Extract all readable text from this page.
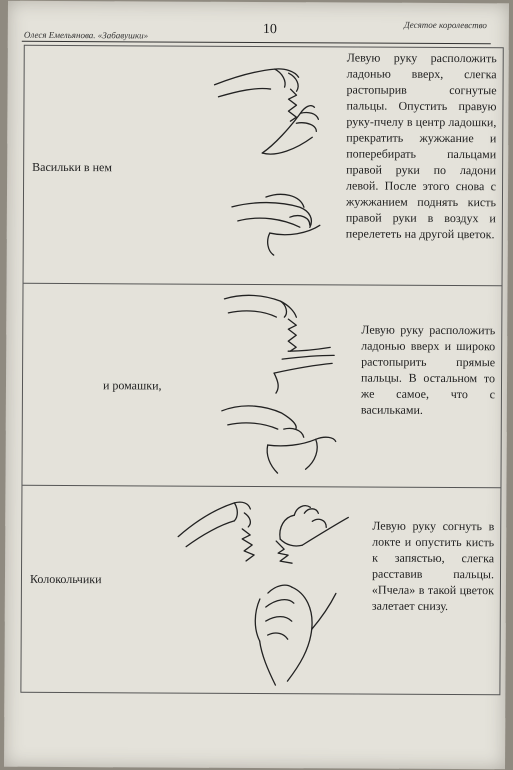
Олеся Емельянова. «Забавушки»	10	Десятое королевство
Васильки в нем
Левую руку расположить ладонью вверх, слегка растопырив согнутые пальцы. Опустить правую руку-пчелу в центр ладошки, прекратить жужжание и поперебирать пальцами правой руки по ладони левой. После этого снова с жужжанием поднять кисть правой руки в воздух и перелететь на другой цветок.
и ромашки,
Левую руку расположить ладонью вверх и широко растопырить прямые пальцы. В остальном то же самое, что с васильками.
Колокольчики
Левую руку согнуть в локте и опустить кисть к запястью, слегка расставив пальцы. «Пчела» в такой цветок залетает снизу.
